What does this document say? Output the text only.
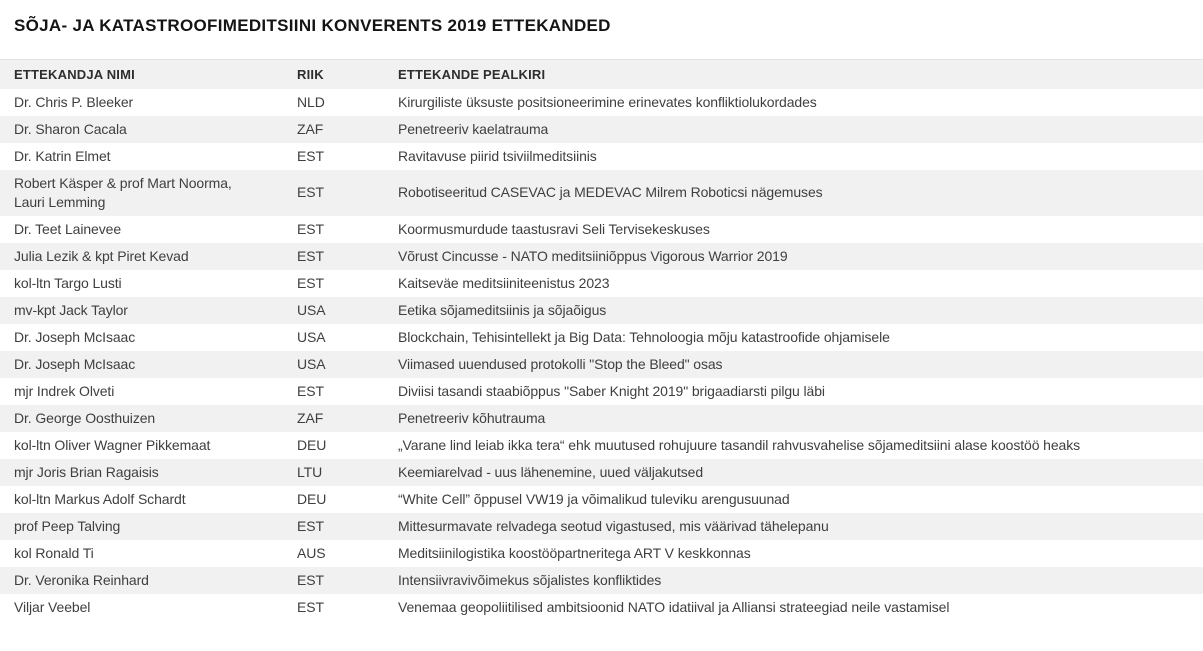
SÕJA- JA KATASTROOFIMEDITSIINI KONVERENTS 2019 ETTEKANDED
ETTEKANDJA NIMI	RIIK	ETTEKANDE PEALKIRI
Dr. Chris P. Bleeker	NLD	Kirurgiliste üksuste positsioneerimine erinevates konfliktiolukordades
Dr. Sharon Cacala	ZAF	Penetreeriv kaelatrauma
Dr. Katrin Elmet	EST	Ravitavuse piirid tsiviilmeditsiinis
Robert Käsper & prof Mart Noorma, Lauri Lemming	EST	Robotiseeritud CASEVAC ja MEDEVAC Milrem Roboticsi nägemuses
Dr. Teet Lainevee	EST	Koormusmurdude taastusravi Seli Tervisekeskuses
Julia Lezik & kpt Piret Kevad	EST	Võrust Cincusse - NATO meditsiiniõppus Vigorous Warrior 2019
kol-ltn Targo Lusti	EST	Kaitseväe meditsiiniteenistus 2023
mv-kpt Jack Taylor	USA	Eetika sõjameditsiinis ja sõjaõigus
Dr. Joseph McIsaac	USA	Blockchain, Tehisintellekt ja Big Data: Tehnoloogia mõju katastroofide ohjamisele
Dr. Joseph McIsaac	USA	Viimased uuendused protokolli "Stop the Bleed" osas
mjr Indrek Olveti	EST	Diviisi tasandi staabiõppus "Saber Knight 2019" brigaadiarsti pilgu läbi
Dr. George Oosthuizen	ZAF	Penetreeriv kõhutrauma
kol-ltn Oliver Wagner Pikkemaat	DEU	„Varane lind leiab ikka tera“ ehk muutused rohujuure tasandil rahvusvahelise sõjameditsiini alase koostöö heaks
mjr Joris Brian Ragaisis	LTU	Keemiarelvad - uus lähenemine, uued väljakutsed
kol-ltn Markus Adolf Schardt	DEU	“White Cell” õppusel VW19 ja võimalikud tuleviku arengusuunad
prof Peep Talving	EST	Mittesurmavate relvadega seotud vigastused, mis väärivad tähelepanu
kol Ronald Ti	AUS	Meditsiinilogistika koostööpartneritega ART V keskkonnas
Dr. Veronika Reinhard	EST	Intensiivravivõimekus sõjalistes konfliktides
Viljar Veebel	EST	Venemaa geopoliitilised ambitsioonid NATO idatiival ja Alliansi strateegiad neile vastamisel
